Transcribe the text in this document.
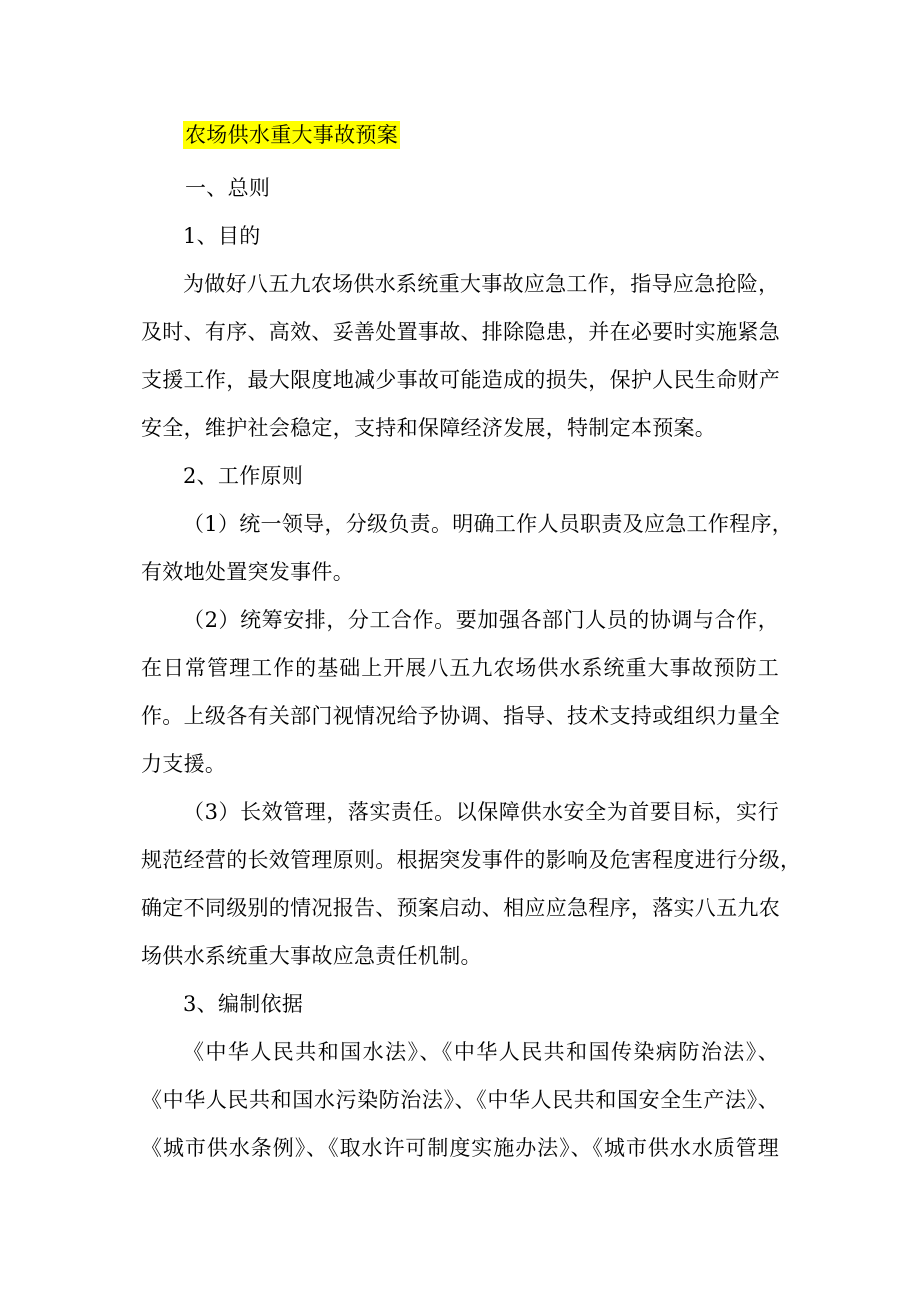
农场供水重大事故预案
一、总则
1、目的
为做好八五九农场供水系统重大事故应急工作，指导应急抢险，
及时、有序、高效、妥善处置事故、排除隐患，并在必要时实施紧急
支援工作，最大限度地减少事故可能造成的损失，保护人民生命财产
安全，维护社会稳定，支持和保障经济发展，特制定本预案。
2、工作原则
（1）统一领导，分级负责。明确工作人员职责及应急工作程序，
有效地处置突发事件。
（2）统筹安排，分工合作。要加强各部门人员的协调与合作，
在日常管理工作的基础上开展八五九农场供水系统重大事故预防工
作。上级各有关部门视情况给予协调、指导、技术支持或组织力量全
力支援。
（3）长效管理，落实责任。以保障供水安全为首要目标，实行
规范经营的长效管理原则。根据突发事件的影响及危害程度进行分级，
确定不同级别的情况报告、预案启动、相应应急程序，落实八五九农
场供水系统重大事故应急责任机制。
3、编制依据
《中华人民共和国水法》、《中华人民共和国传染病防治法》、
《中华人民共和国水污染防治法》、《中华人民共和国安全生产法》、
《城市供水条例》、《取水许可制度实施办法》、《城市供水水质管理
